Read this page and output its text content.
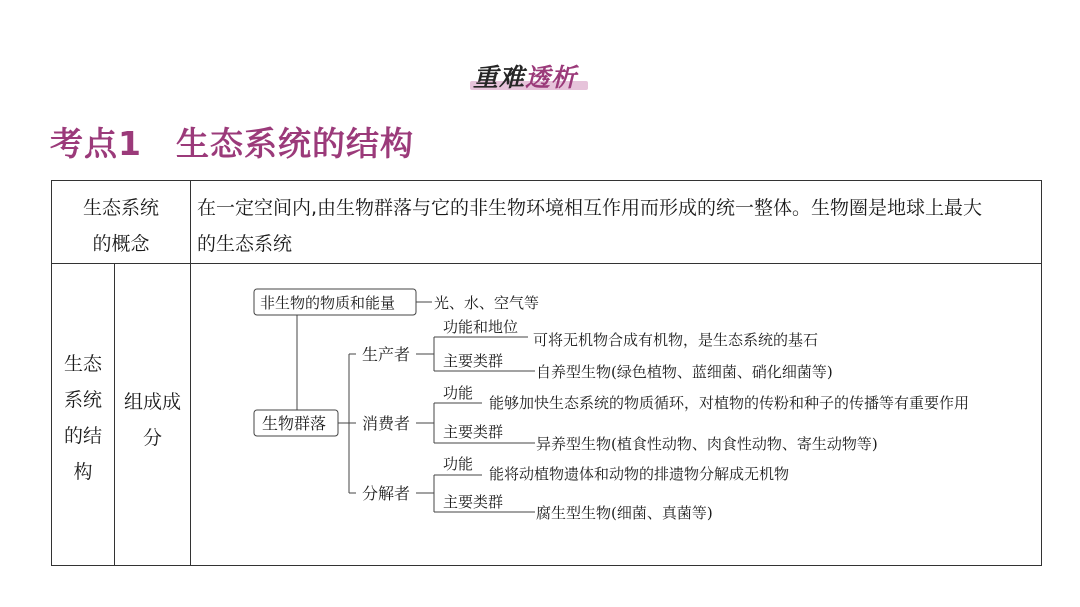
重难透析
考点1 生态系统的结构
生态系统
的概念
在一定空间内,由生物群落与它的非生物环境相互作用而形成的统一整体。生物圈是地球上最大
的生态系统
生态
系统
的结
构
组成成
分
非生物的物质和能量	光、水、空气等
生物群落
生产者
功能和地位
可将无机物合成有机物，是生态系统的基石
主要类群
自养型生物(绿色植物、蓝细菌、硝化细菌等)
消费者
功能
能够加快生态系统的物质循环，对植物的传粉和种子的传播等有重要作用
主要类群
异养型生物(植食性动物、肉食性动物、寄生动物等)
分解者
功能
能将动植物遗体和动物的排遗物分解成无机物
主要类群
腐生型生物(细菌、真菌等)
